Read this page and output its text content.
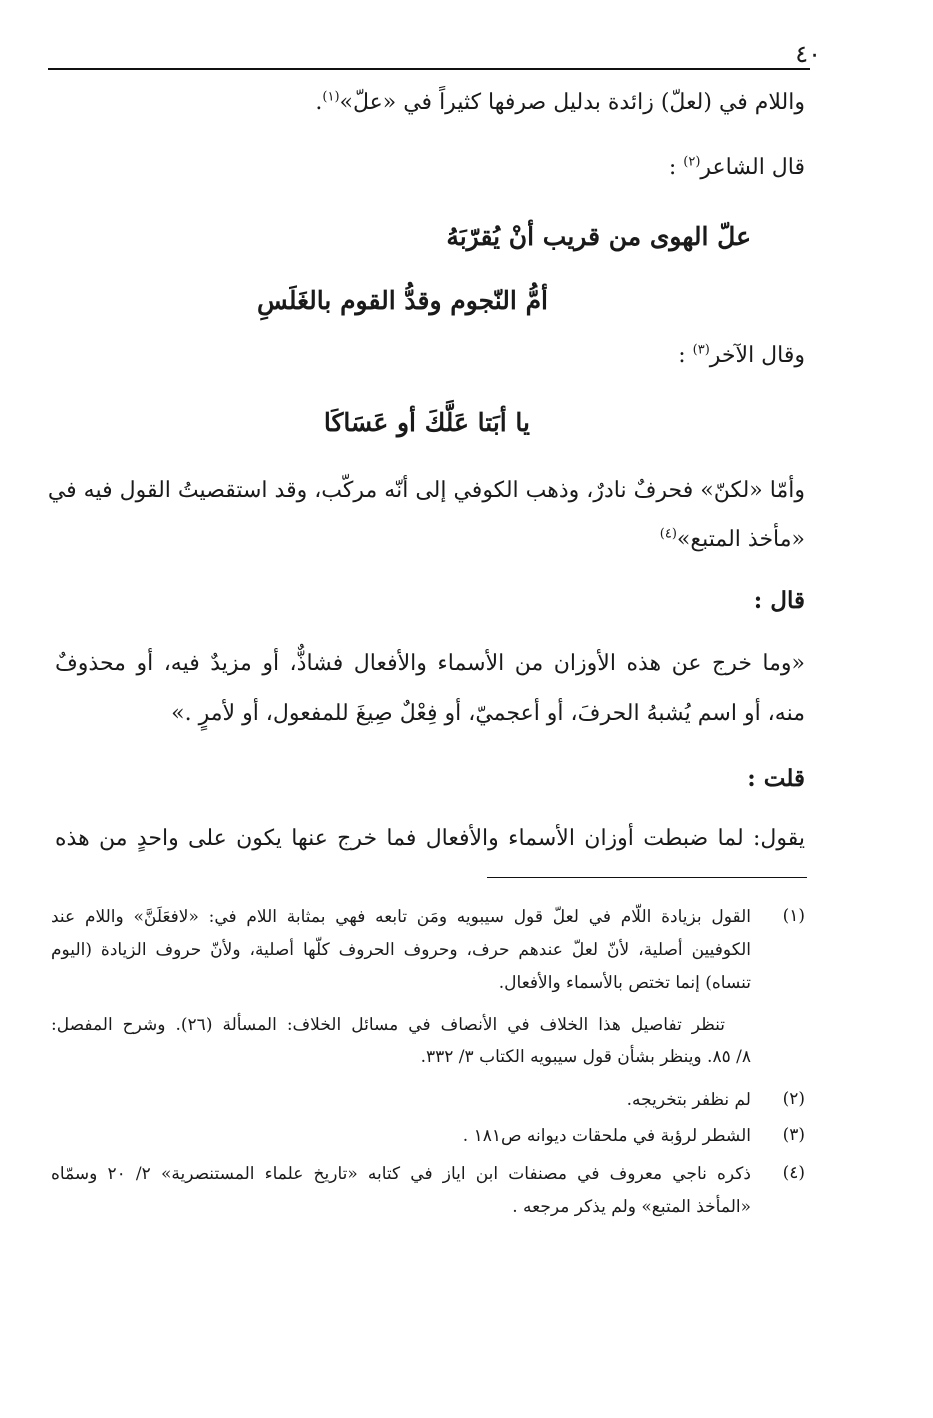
٤٠
واللام في (لعلّ) زائدة بدليل صرفها كثيراً في «علّ»$^{(١)}$.
قال الشاعر$^{(٢)}$ :
علّ الهوى من قريب أنْ يُقرّبَهُ
أمُّ النّجوم وقدُّ القوم بالغَلَسِ
وقال الآخر$^{(٣)}$ :
يا أبَتا عَلَّكَ أو عَسَاكَا
وأمّا «لكنّ» فحرفٌ نادرٌ، وذهب الكوفي إلى أنّه مركّب، وقد استقصيتُ القول فيه في
«مأخذ المتبع»$^{(٤)}$
قال :
«وما خرج عن هذه الأوزان من الأسماء والأفعال فشاذٌّ، أو مزيدٌ فيه، أو محذوفٌ
منه، أو اسم يُشبهُ الحرفَ، أو أعجميّ، أو فِعْلٌ صِيغَ للمفعول، أو لأمرٍ .»
قلت :
يقول: لما ضبطت أوزان الأسماء والأفعال فما خرج عنها يكون على واحدٍ من هذه
(١)
القول بزيادة اللّام في لعلّ قول سيبويه ومَن تابعه فهي بمثابة اللام في: «لافعَلَنَّ» واللام عند
الكوفيين أصلية، لأنّ لعلّ عندهم حرف، وحروف الحروف كلّها أصلية، ولأنّ حروف الزيادة (اليوم
تنساه) إنما تختص بالأسماء والأفعال.
تنظر تفاصيل هذا الخلاف في الأنصاف في مسائل الخلاف: المسألة (٢٦). وشرح المفصل:
٨/ ٨٥. وينظر بشأن قول سيبويه الكتاب ٣/ ٣٣٢.
(٢)
لم نظفر بتخريجه.
(٣)
الشطر لرؤبة في ملحقات ديوانه ص١٨١ .
(٤)
ذكره ناجي معروف في مصنفات ابن اياز في كتابه «تاريخ علماء المستنصرية» ٢/ ٢٠ وسمّاه
«المأخذ المتبع» ولم يذكر مرجعه .
